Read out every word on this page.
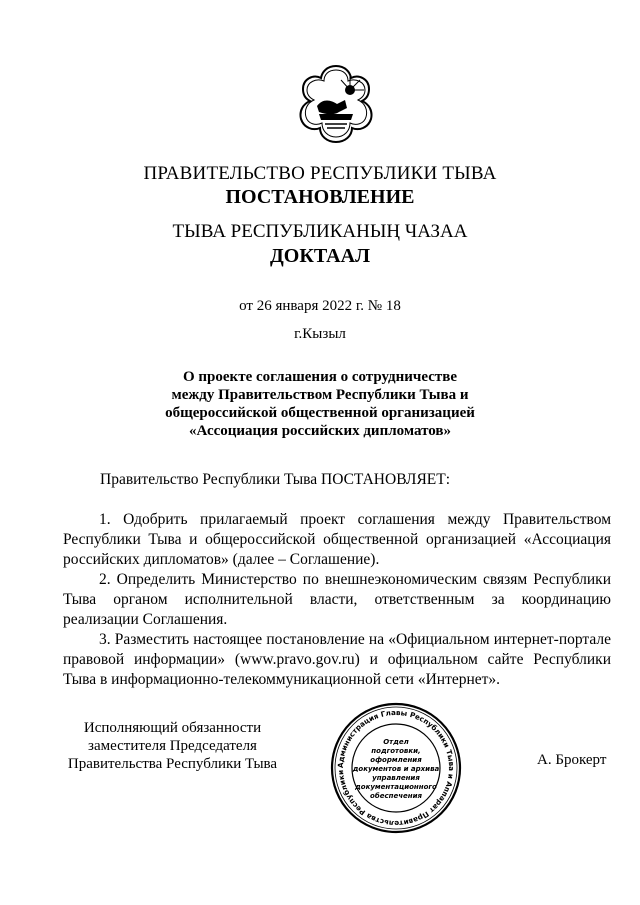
ПРАВИТЕЛЬСТВО РЕСПУБЛИКИ ТЫВА
ПОСТАНОВЛЕНИЕ
ТЫВА РЕСПУБЛИКАНЫҢ ЧАЗАА
ДОКТААЛ
от 26 января 2022 г. № 18
г.Кызыл
О проекте соглашения о сотрудничестве
между Правительством Республики Тыва и
общероссийской общественной организацией
«Ассоциация российских дипломатов»
Правительство Республики Тыва ПОСТАНОВЛЯЕТ:

1. Одобрить прилагаемый проект соглашения между Правительством Республики Тыва и общероссийской общественной организацией «Ассоциация российских дипломатов» (далее – Соглашение).

2. Определить Министерство по внешнеэкономическим связям Республики Тыва органом исполнительной власти, ответственным за координацию реализации Соглашения.

3. Разместить настоящее постановление на «Официальном интернет-портале правовой информации» (www.pravo.gov.ru) и официальном сайте Республики Тыва в информационно-телекоммуникационной сети «Интернет».

Исполняющий обязанности
заместителя Председателя
Правительства Республики Тыва	Администрация Главы Республики Тыва и Аппарат Правительства Республики
Отдел
подготовки,
оформления
документов и архива
управления
документационного
обеспечения
А. Брокерт
